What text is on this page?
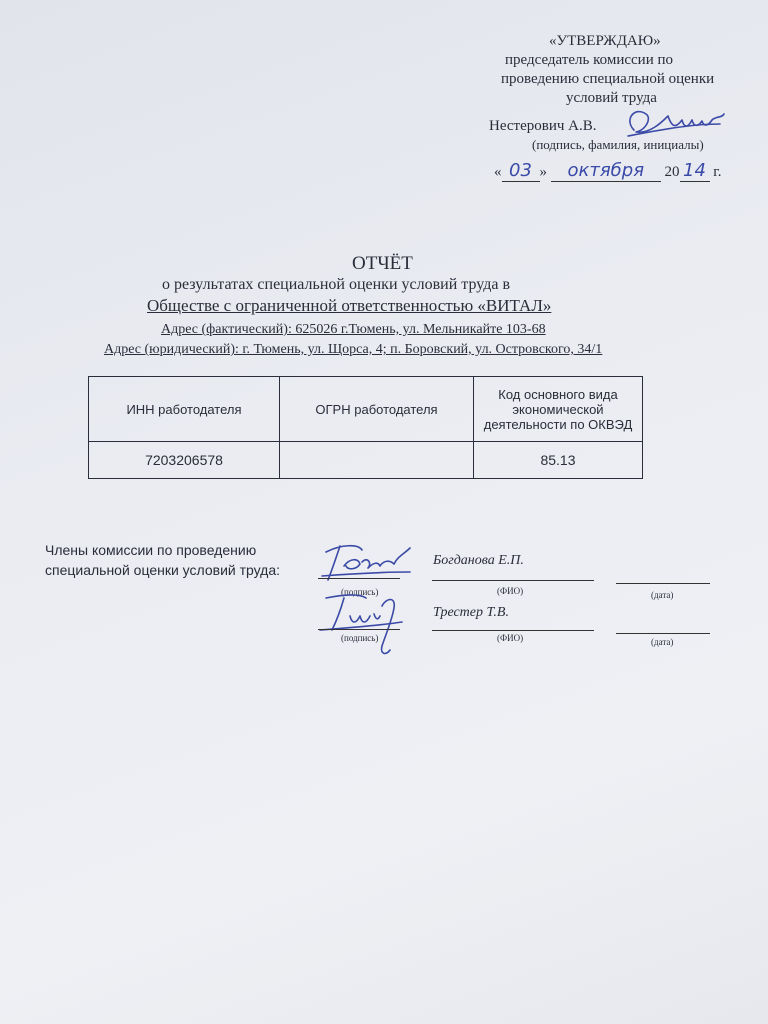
«УТВЕРЖДАЮ»
председатель комиссии по
проведению специальной оценки
условий труда
Нестерович А.В.
(подпись, фамилия, инициалы)
« 03 » октября 20 14 г.
ОТЧЁТ
о результатах специальной оценки условий труда в
Обществе с ограниченной ответственностью «ВИТАЛ»
Адрес (фактический): 625026 г.Тюмень, ул. Мельникайте 103-68
Адрес (юридический): г. Тюмень, ул. Щорса, 4; п. Боровский, ул. Островского, 34/1
ИНН работодателя	ОГРН работодателя	Код основного вида экономической деятельности по ОКВЭД
7203206578		85.13
Члены комиссии по проведению специальной оценки условий труда:
Богданова Е.П.
(подпись)	(ФИО)	(дата)
Трестер Т.В.
(подпись)	(ФИО)	(дата)
